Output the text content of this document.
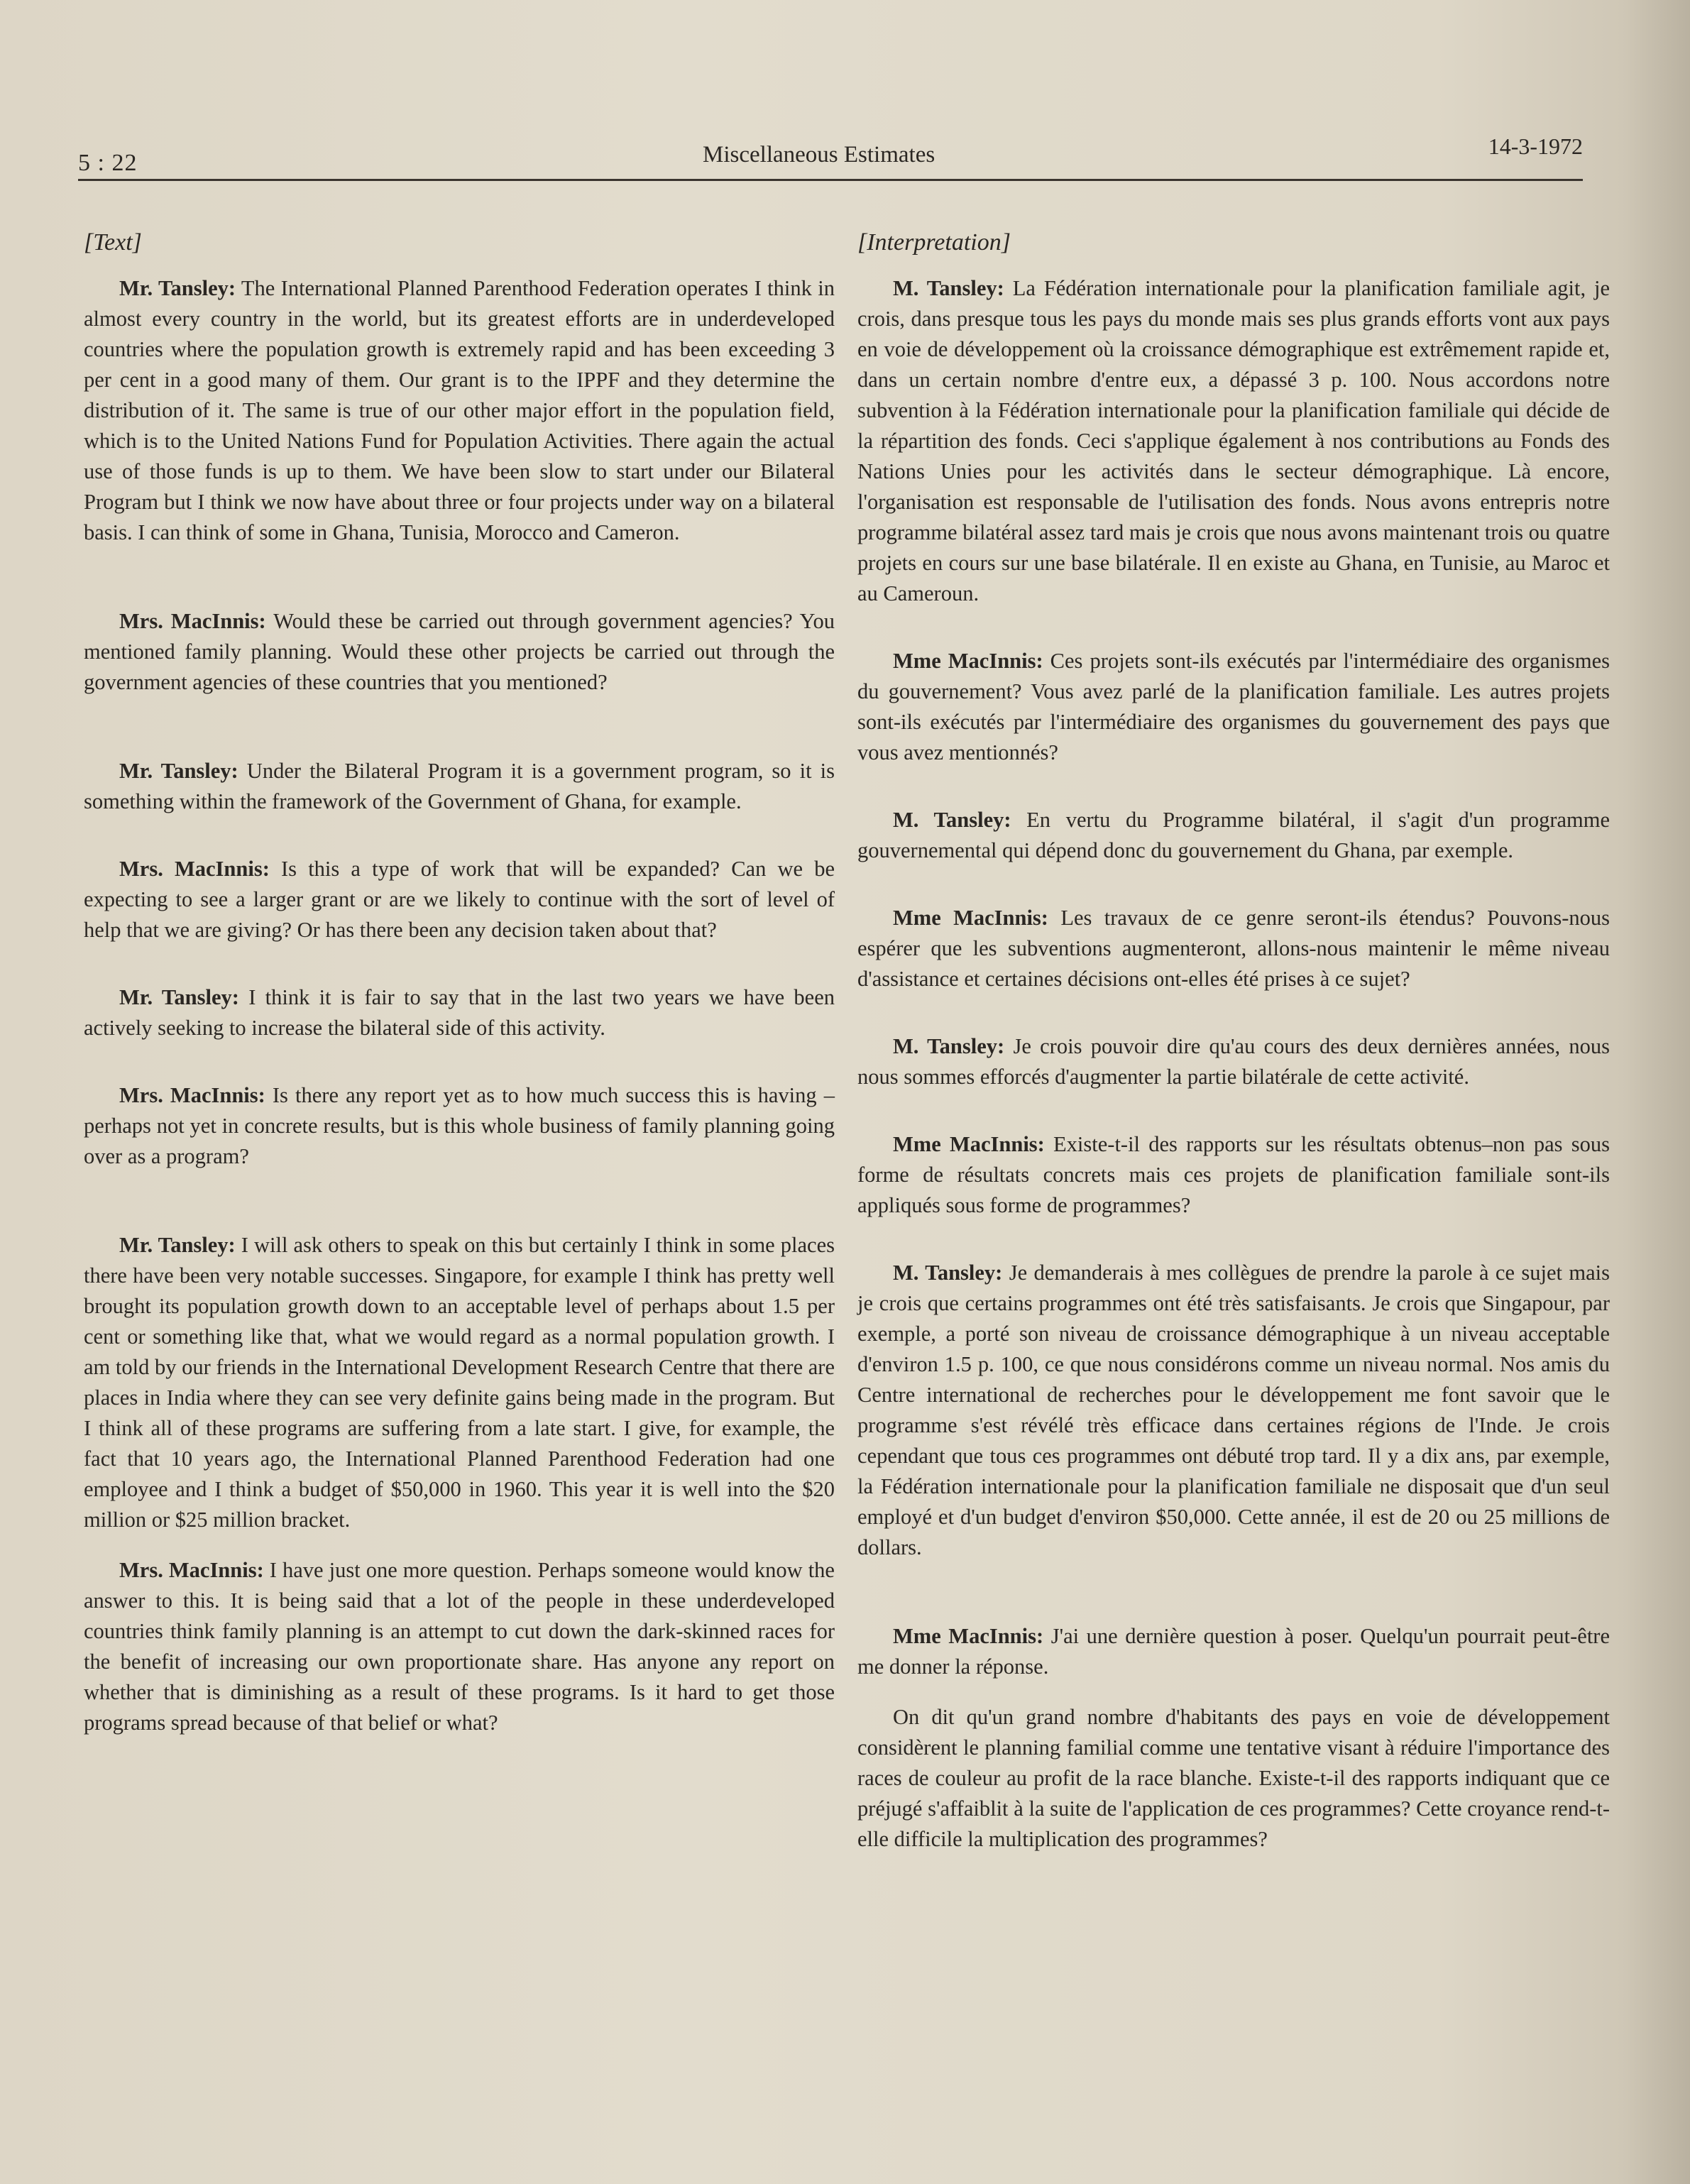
5 : 22	Miscellaneous Estimates	14-3-1972
[Text]

Mr. Tansley: The International Planned Parenthood Federation operates I think in almost every country in the world, but its greatest efforts are in underdeveloped countries where the population growth is extremely rapid and has been exceeding 3 per cent in a good many of them. Our grant is to the IPPF and they determine the distribution of it. The same is true of our other major effort in the population field, which is to the United Nations Fund for Population Activities. There again the actual use of those funds is up to them. We have been slow to start under our Bilateral Program but I think we now have about three or four projects under way on a bilateral basis. I can think of some in Ghana, Tunisia, Morocco and Cameron.

Mrs. MacInnis: Would these be carried out through government agencies? You mentioned family planning. Would these other projects be carried out through the government agencies of these countries that you mentioned?

Mr. Tansley: Under the Bilateral Program it is a government program, so it is something within the framework of the Government of Ghana, for example.

Mrs. MacInnis: Is this a type of work that will be expanded? Can we be expecting to see a larger grant or are we likely to continue with the sort of level of help that we are giving? Or has there been any decision taken about that?

Mr. Tansley: I think it is fair to say that in the last two years we have been actively seeking to increase the bilateral side of this activity.

Mrs. MacInnis: Is there any report yet as to how much success this is having – perhaps not yet in concrete results, but is this whole business of family planning going over as a program?

Mr. Tansley: I will ask others to speak on this but certainly I think in some places there have been very notable successes. Singapore, for example I think has pretty well brought its population growth down to an acceptable level of perhaps about 1.5 per cent or something like that, what we would regard as a normal population growth. I am told by our friends in the International Development Research Centre that there are places in India where they can see very definite gains being made in the program. But I think all of these programs are suffering from a late start. I give, for example, the fact that 10 years ago, the International Planned Parenthood Federation had one employee and I think a budget of $50,000 in 1960. This year it is well into the $20 million or $25 million bracket.

Mrs. MacInnis: I have just one more question. Perhaps someone would know the answer to this. It is being said that a lot of the people in these underdeveloped countries think family planning is an attempt to cut down the dark-skinned races for the benefit of increasing our own proportionate share. Has anyone any report on whether that is diminishing as a result of these programs. Is it hard to get those programs spread because of that belief or what?

[Interpretation]

M. Tansley: La Fédération internationale pour la planification familiale agit, je crois, dans presque tous les pays du monde mais ses plus grands efforts vont aux pays en voie de développement où la croissance démographique est extrêmement rapide et, dans un certain nombre d'entre eux, a dépassé 3 p. 100. Nous accordons notre subvention à la Fédération internationale pour la planification familiale qui décide de la répartition des fonds. Ceci s'applique également à nos contributions au Fonds des Nations Unies pour les activités dans le secteur démographique. Là encore, l'organisation est responsable de l'utilisation des fonds. Nous avons entrepris notre programme bilatéral assez tard mais je crois que nous avons maintenant trois ou quatre projets en cours sur une base bilatérale. Il en existe au Ghana, en Tunisie, au Maroc et au Cameroun.

Mme MacInnis: Ces projets sont-ils exécutés par l'intermédiaire des organismes du gouvernement? Vous avez parlé de la planification familiale. Les autres projets sont-ils exécutés par l'intermédiaire des organismes du gouvernement des pays que vous avez mentionnés?

M. Tansley: En vertu du Programme bilatéral, il s'agit d'un programme gouvernemental qui dépend donc du gouvernement du Ghana, par exemple.

Mme MacInnis: Les travaux de ce genre seront-ils étendus? Pouvons-nous espérer que les subventions augmenteront, allons-nous maintenir le même niveau d'assistance et certaines décisions ont-elles été prises à ce sujet?

M. Tansley: Je crois pouvoir dire qu'au cours des deux dernières années, nous nous sommes efforcés d'augmenter la partie bilatérale de cette activité.

Mme MacInnis: Existe-t-il des rapports sur les résultats obtenus–non pas sous forme de résultats concrets mais ces projets de planification familiale sont-ils appliqués sous forme de programmes?

M. Tansley: Je demanderais à mes collègues de prendre la parole à ce sujet mais je crois que certains programmes ont été très satisfaisants. Je crois que Singapour, par exemple, a porté son niveau de croissance démographique à un niveau acceptable d'environ 1.5 p. 100, ce que nous considérons comme un niveau normal. Nos amis du Centre international de recherches pour le développement me font savoir que le programme s'est révélé très efficace dans certaines régions de l'Inde. Je crois cependant que tous ces programmes ont débuté trop tard. Il y a dix ans, par exemple, la Fédération internationale pour la planification familiale ne disposait que d'un seul employé et d'un budget d'environ $50,000. Cette année, il est de 20 ou 25 millions de dollars.

Mme MacInnis: J'ai une dernière question à poser. Quelqu'un pourrait peut-être me donner la réponse.

On dit qu'un grand nombre d'habitants des pays en voie de développement considèrent le planning familial comme une tentative visant à réduire l'importance des races de couleur au profit de la race blanche. Existe-t-il des rapports indiquant que ce préjugé s'affaiblit à la suite de l'application de ces programmes? Cette croyance rend-t-elle difficile la multiplication des programmes?
